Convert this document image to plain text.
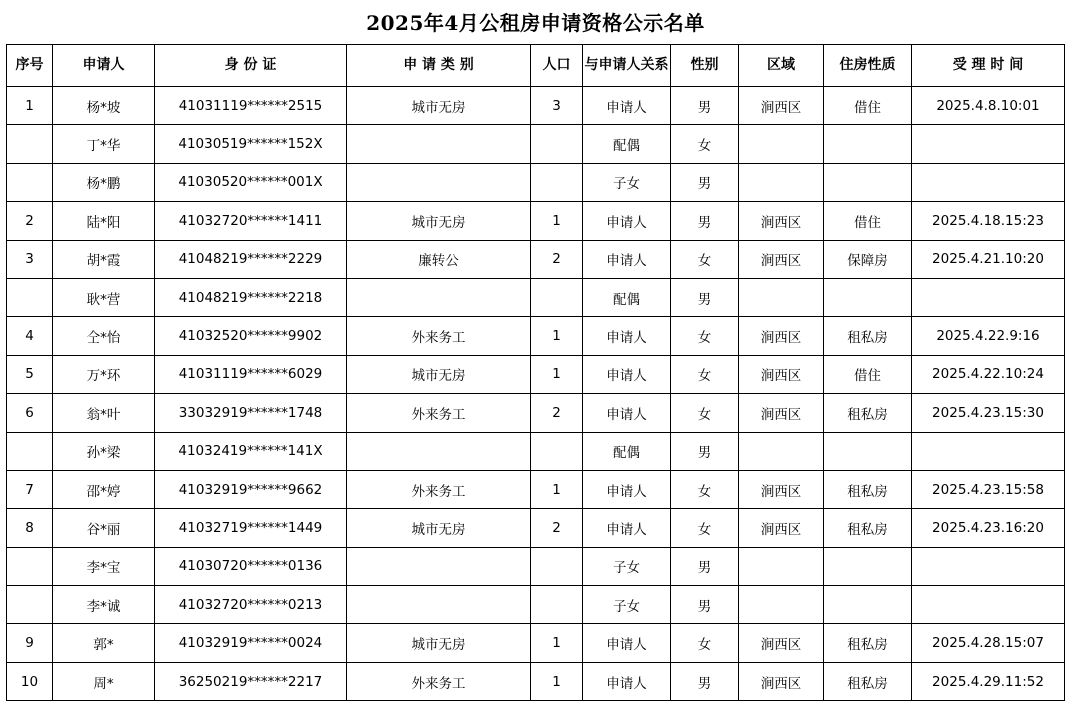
2025年4月公租房申请资格公示名单
序号	申请人	身 份 证	申 请 类 别	人口	与申请人关系	性别	区域	住房性质	受 理 时 间
1	杨*坡	41031119******2515	城市无房	3	申请人	男	涧西区	借住	2025.4.8.10:01
	丁*华	41030519******152X			配偶	女			
	杨*鹏	41030520******001X			子女	男			
2	陆*阳	41032720******1411	城市无房	1	申请人	男	涧西区	借住	2025.4.18.15:23
3	胡*霞	41048219******2229	廉转公	2	申请人	女	涧西区	保障房	2025.4.21.10:20
	耿*营	41048219******2218			配偶	男			
4	仝*怡	41032520******9902	外来务工	1	申请人	女	涧西区	租私房	2025.4.22.9:16
5	万*环	41031119******6029	城市无房	1	申请人	女	涧西区	借住	2025.4.22.10:24
6	翁*叶	33032919******1748	外来务工	2	申请人	女	涧西区	租私房	2025.4.23.15:30
	孙*梁	41032419******141X			配偶	男			
7	邵*婷	41032919******9662	外来务工	1	申请人	女	涧西区	租私房	2025.4.23.15:58
8	谷*丽	41032719******1449	城市无房	2	申请人	女	涧西区	租私房	2025.4.23.16:20
	李*宝	41030720******0136			子女	男			
	李*诚	41032720******0213			子女	男			
9	郭*	41032919******0024	城市无房	1	申请人	女	涧西区	租私房	2025.4.28.15:07
10	周*	36250219******2217	外来务工	1	申请人	男	涧西区	租私房	2025.4.29.11:52
